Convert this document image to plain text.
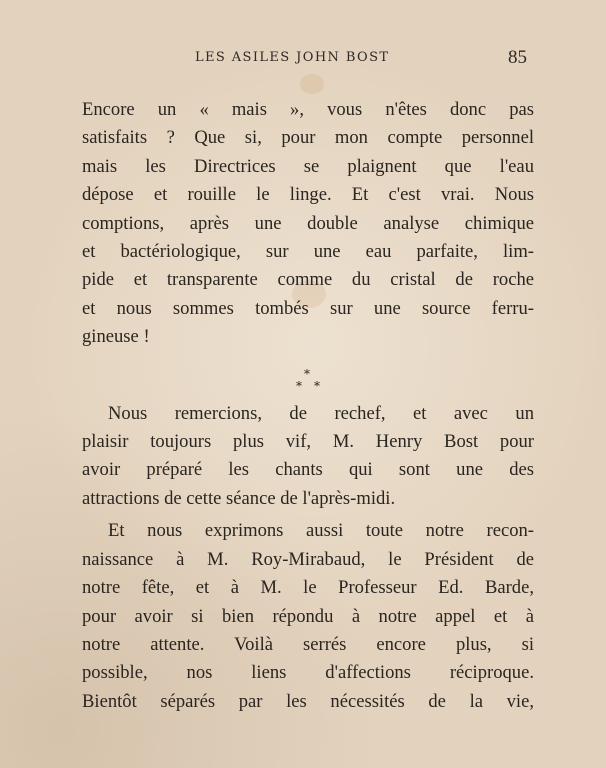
LES ASILES JOHN BOST	85

Encore un « mais », vous n'êtes donc pas

satisfaits ? Que si, pour mon compte personnel

mais les Directrices se plaignent que l'eau

dépose et rouille le linge. Et c'est vrai. Nous

comptions, après une double analyse chimique

et bactériologique, sur une eau parfaite, lim-

pide et transparente comme du cristal de roche

et nous sommes tombés sur une source ferru-

gineuse !

*
* *

Nous remercions, de rechef, et avec un

plaisir toujours plus vif, M. Henry Bost pour

avoir préparé les chants qui sont une des

attractions de cette séance de l'après-midi.

Et nous exprimons aussi toute notre recon-

naissance à M. Roy-Mirabaud, le Président de

notre fête, et à M. le Professeur Ed. Barde,

pour avoir si bien répondu à notre appel et à

notre attente. Voilà serrés encore plus, si

possible, nos liens d'affections réciproque.

Bientôt séparés par les nécessités de la vie,
